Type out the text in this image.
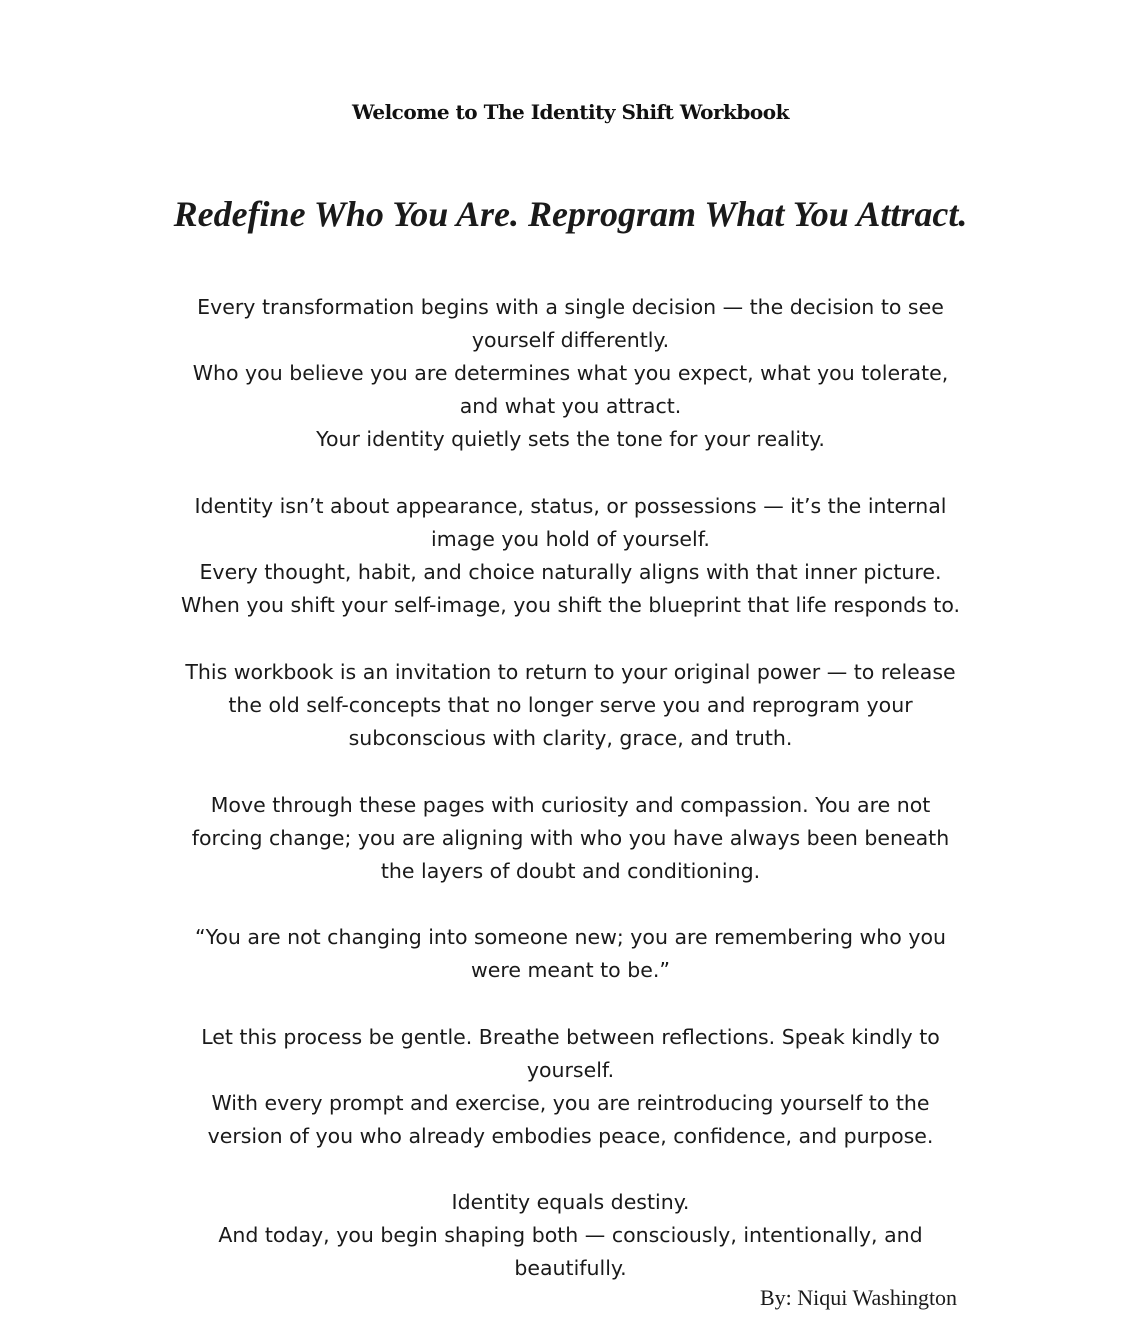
Welcome to The Identity Shift Workbook
Redefine Who You Are. Reprogram What You Attract.

Every transformation begins with a single decision — the decision to see
yourself differently.
Who you believe you are determines what you expect, what you tolerate,
and what you attract.
Your identity quietly sets the tone for your reality.

Identity isn’t about appearance, status, or possessions — it’s the internal
image you hold of yourself.
Every thought, habit, and choice naturally aligns with that inner picture.
When you shift your self-image, you shift the blueprint that life responds to.

This workbook is an invitation to return to your original power — to release
the old self-concepts that no longer serve you and reprogram your
subconscious with clarity, grace, and truth.

Move through these pages with curiosity and compassion. You are not
forcing change; you are aligning with who you have always been beneath
the layers of doubt and conditioning.

“You are not changing into someone new; you are remembering who you
were meant to be.”

Let this process be gentle. Breathe between reflections. Speak kindly to
yourself.
With every prompt and exercise, you are reintroducing yourself to the
version of you who already embodies peace, confidence, and purpose.

Identity equals destiny.
And today, you begin shaping both — consciously, intentionally, and
beautifully.

By: Niqui Washington
